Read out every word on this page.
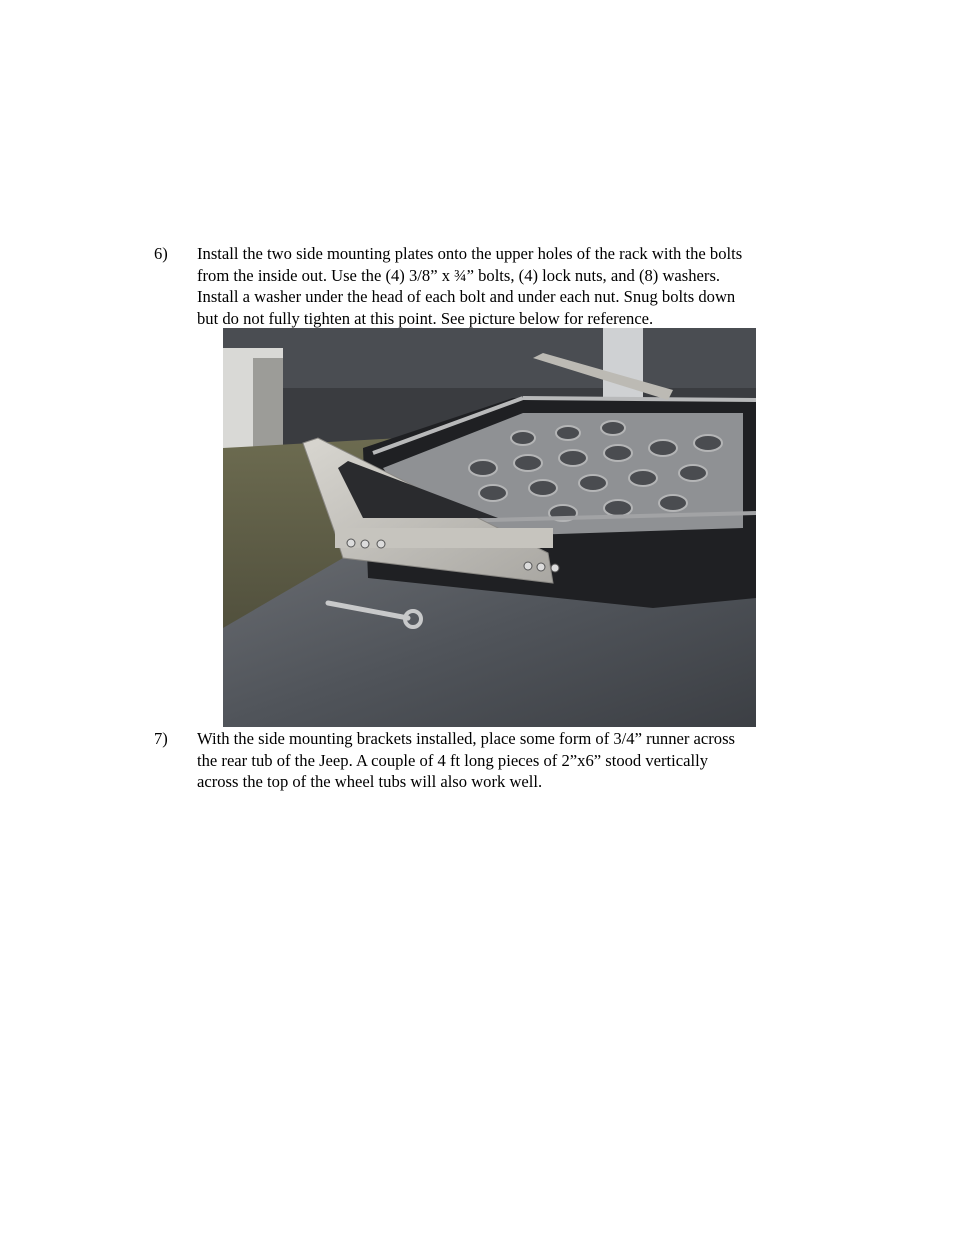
6) Install the two side mounting plates onto the upper holes of the rack with the bolts
from the inside out. Use the (4) 3/8” x ¾” bolts, (4) lock nuts, and (8) washers.
Install a washer under the head of each bolt and under each nut. Snug bolts down
but do not fully tighten at this point. See picture below for reference.
7) With the side mounting brackets installed, place some form of 3/4” runner across
the rear tub of the Jeep. A couple of 4 ft long pieces of 2”x6” stood vertically
across the top of the wheel tubs will also work well.
